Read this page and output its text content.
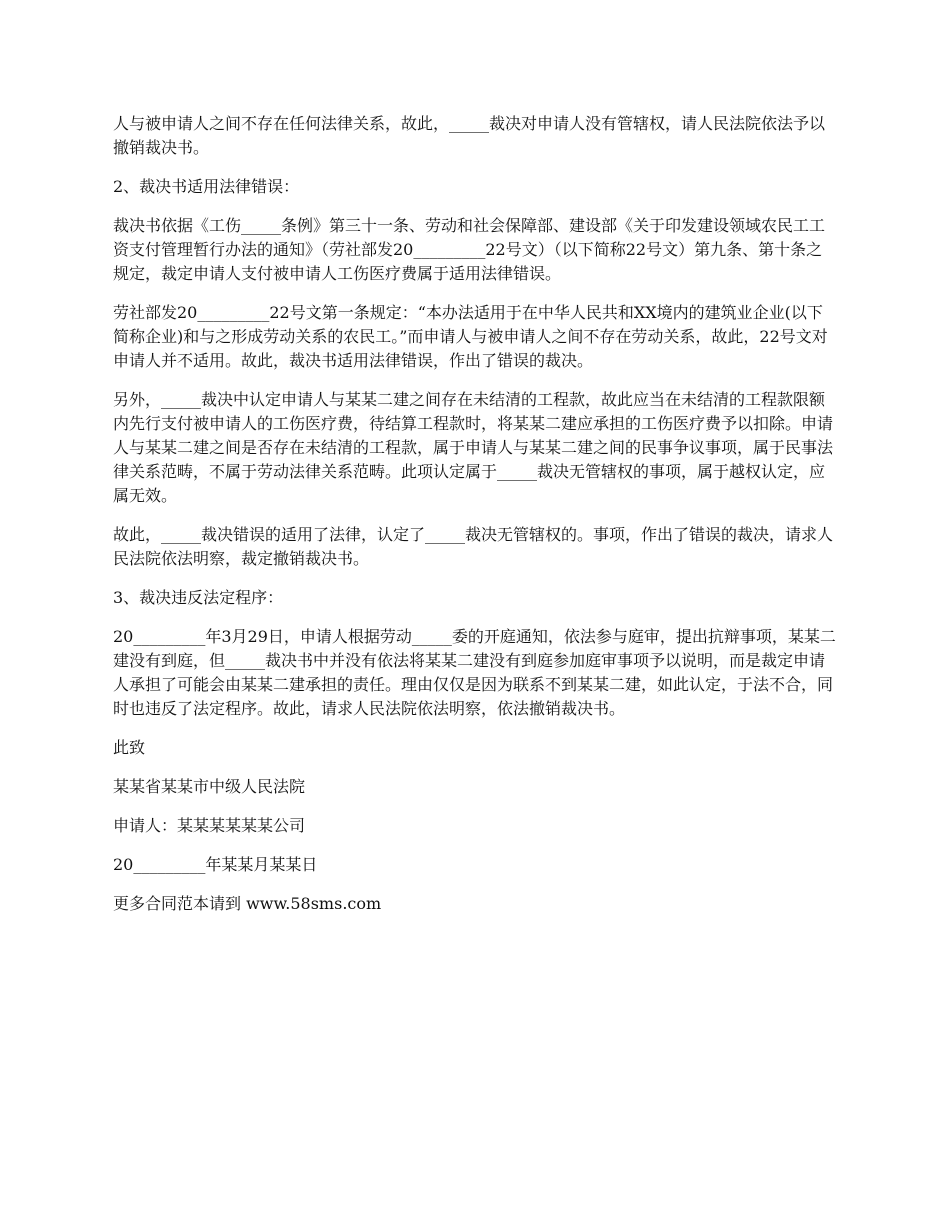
人与被申请人之间不存在任何法律关系，故此，_____裁决对申请人没有管辖权，请人民法院依法予以撤销裁决书。

2、裁决书适用法律错误：

裁决书依据《工伤_____条例》第三十一条、劳动和社会保障部、建设部《关于印发建设领域农民工工资支付管理暂行办法的通知》（劳社部发20_________22号文）（以下简称22号文）第九条、第十条之规定，裁定申请人支付被申请人工伤医疗费属于适用法律错误。

劳社部发20_________22号文第一条规定：“本办法适用于在中华人民共和XX境内的建筑业企业(以下简称企业)和与之形成劳动关系的农民工。”而申请人与被申请人之间不存在劳动关系，故此，22号文对申请人并不适用。故此，裁决书适用法律错误，作出了错误的裁决。

另外，_____裁决中认定申请人与某某二建之间存在未结清的工程款，故此应当在未结清的工程款限额内先行支付被申请人的工伤医疗费，待结算工程款时，将某某二建应承担的工伤医疗费予以扣除。申请人与某某二建之间是否存在未结清的工程款，属于申请人与某某二建之间的民事争议事项，属于民事法律关系范畴，不属于劳动法律关系范畴。此项认定属于_____裁决无管辖权的事项，属于越权认定，应属无效。

故此，_____裁决错误的适用了法律，认定了_____裁决无管辖权的。事项，作出了错误的裁决，请求人民法院依法明察，裁定撤销裁决书。

3、裁决违反法定程序：

20_________年3月29日，申请人根据劳动_____委的开庭通知，依法参与庭审，提出抗辩事项，某某二建没有到庭，但_____裁决书中并没有依法将某某二建没有到庭参加庭审事项予以说明，而是裁定申请人承担了可能会由某某二建承担的责任。理由仅仅是因为联系不到某某二建，如此认定，于法不合，同时也违反了法定程序。故此，请求人民法院依法明察，依法撤销裁决书。

此致

某某省某某市中级人民法院

申请人：某某某某某某公司

20_________年某某月某某日

更多合同范本请到 www.58sms.com
